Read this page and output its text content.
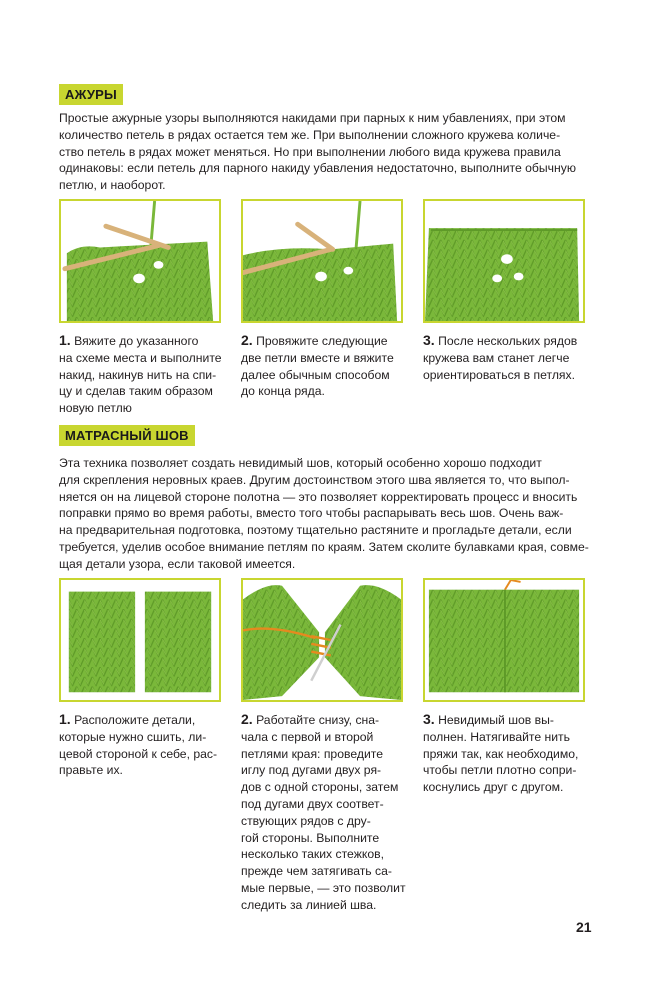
АЖУРЫ
Простые ажурные узоры выполняются накидами при парных к ним убавлениях, при этом
количество петель в рядах остается тем же. При выполнении сложного кружева количе-
ство петель в рядах может меняться. Но при выполнении любого вида кружева правила
одинаковы: если петель для парного накиду убавления недостаточно, выполните обычную
петлю, и наоборот.
1. Вяжите до указанного
на схеме места и выполните
накид, накинув нить на спи-
цу и сделав таким образом
новую петлю
2. Провяжите следующие
две петли вместе и вяжите
далее обычным способом
до конца ряда.
3. После нескольких рядов
кружева вам станет легче
ориентироваться в петлях.
МАТРАСНЫЙ ШОВ
Эта техника позволяет создать невидимый шов, который особенно хорошо подходит
для скрепления неровных краев. Другим достоинством этого шва является то, что выпол-
няется он на лицевой стороне полотна — это позволяет корректировать процесс и вносить
поправки прямо во время работы, вместо того чтобы распарывать весь шов. Очень важ-
на предварительная подготовка, поэтому тщательно растяните и прогладьте детали, если
требуется, уделив особое внимание петлям по краям. Затем сколите булавками края, совме-
щая детали узора, если таковой имеется.
1. Расположите детали,
которые нужно сшить, ли-
цевой стороной к себе, рас-
правьте их.
2. Работайте снизу, сна-
чала с первой и второй
петлями края: проведите
иглу под дугами двух ря-
дов с одной стороны, затем
под дугами двух соответ-
ствующих рядов с дру-
гой стороны. Выполните
несколько таких стежков,
прежде чем затягивать са-
мые первые, — это позволит
следить за линией шва.
3. Невидимый шов вы-
полнен. Натягивайте нить
пряжи так, как необходимо,
чтобы петли плотно сопри-
коснулись друг с другом.
21
